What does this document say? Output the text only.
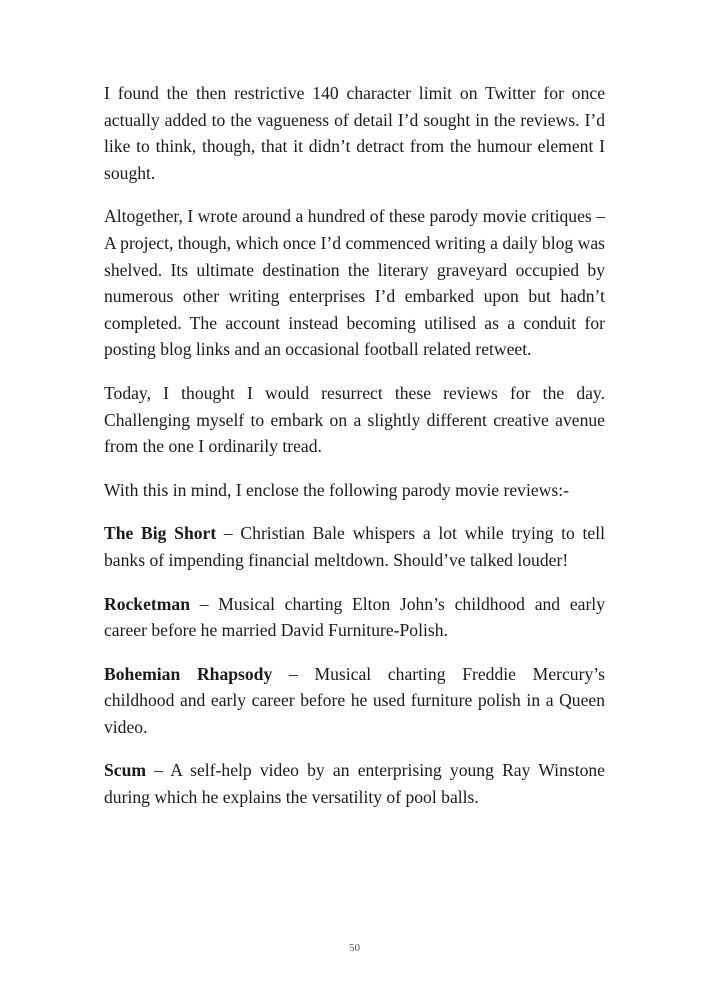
I found the then restrictive 140 character limit on Twitter for once actually added to the vagueness of detail I’d sought in the reviews. I’d like to think, though, that it didn’t detract from the humour element I sought.

Altogether, I wrote around a hundred of these parody movie critiques – A project, though, which once I’d commenced writing a daily blog was shelved. Its ultimate destination the literary graveyard occupied by numerous other writing enterprises I’d embarked upon but hadn’t completed. The account instead becoming utilised as a conduit for posting blog links and an occasional football related retweet.

Today, I thought I would resurrect these reviews for the day. Challenging myself to embark on a slightly different creative avenue from the one I ordinarily tread.

With this in mind, I enclose the following parody movie reviews:-

The Big Short – Christian Bale whispers a lot while trying to tell banks of impending financial meltdown. Should’ve talked louder!

Rocketman – Musical charting Elton John’s childhood and early career before he married David Furniture-Polish.

Bohemian Rhapsody – Musical charting Freddie Mercury’s childhood and early career before he used furniture polish in a Queen video.

Scum – A self-help video by an enterprising young Ray Winstone during which he explains the versatility of pool balls.

50
